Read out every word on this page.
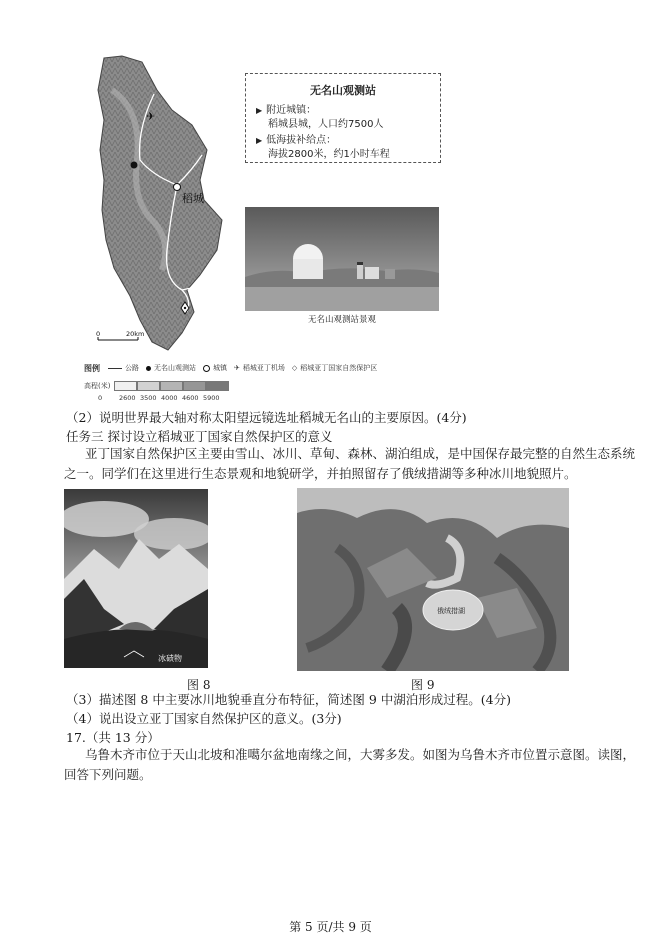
✈
稻城
0	20km
无名山观测站
▶ 附近城镇：
稻城县城，人口约7500人
▶ 低海拔补给点：
海拔2800米，约1小时车程
无名山观测站景观
图例	公路 无名山观测站 城镇 ✈ 稻城亚丁机场 ◇ 稻城亚丁国家自然保护区
高程(米)
0	2600 3500 4000 4600 5900
（2）说明世界最大轴对称太阳望远镜选址稻城无名山的主要原因。(4分)
任务三 探讨设立稻城亚丁国家自然保护区的意义
亚丁国家自然保护区主要由雪山、冰川、草甸、森林、湖泊组成，是中国保存最完整的自然生态系统
之一。同学们在这里进行生态景观和地貌研学，并拍照留存了俄绒措湖等多种冰川地貌照片。
冰碛物
图 8
俄绒措湖
图 9
（3）描述图 8 中主要冰川地貌垂直分布特征，简述图 9 中湖泊形成过程。(4分)
（4）说出设立亚丁国家自然保护区的意义。(3分)
17.（共 13 分）
乌鲁木齐市位于天山北坡和准噶尔盆地南缘之间，大雾多发。如图为乌鲁木齐市位置示意图。读图，
回答下列问题。
第 5 页/共 9 页
